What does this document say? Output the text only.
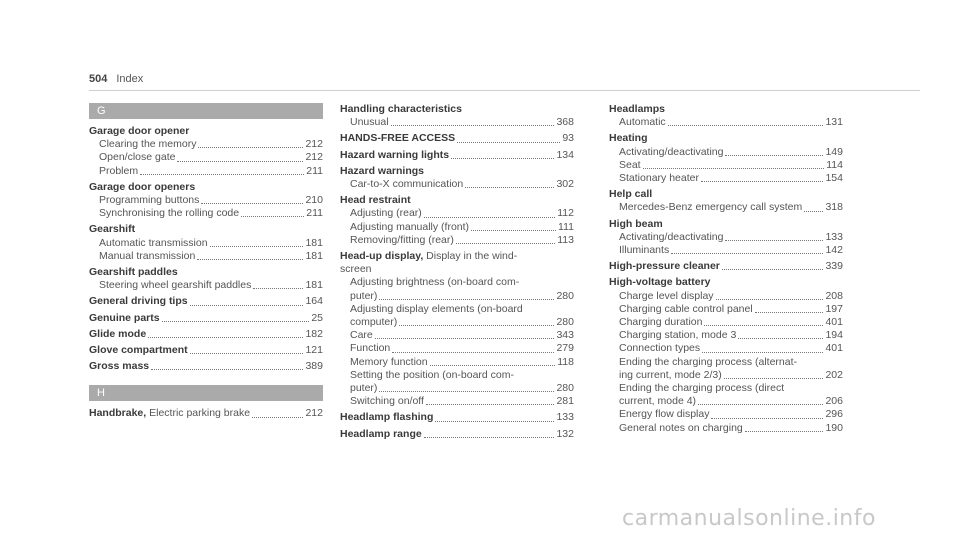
504 Index
G
Garage door opener
Clearing the memory	212
Open/close gate	212
Problem	211
Garage door openers
Programming buttons	210
Synchronising the rolling code	211
Gearshift
Automatic transmission	181
Manual transmission	181
Gearshift paddles
Steering wheel gearshift paddles	181
General driving tips	164
Genuine parts	25
Glide mode	182
Glove compartment	121
Gross mass	389
H
Handbrake, Electric parking brake	212
Handling characteristics
Unusual	368
HANDS-FREE ACCESS	93
Hazard warning lights	134
Hazard warnings
Car-to-X communication	302
Head restraint
Adjusting (rear)	112
Adjusting manually (front)	111
Removing/fitting (rear)	113
Head-up display, Display in the wind-
screen
Adjusting brightness (on-board com-
puter)	280
Adjusting display elements (on-board
computer)	280
Care	343
Function	279
Memory function	118
Setting the position (on-board com-
puter)	280
Switching on/off	281
Headlamp flashing	133
Headlamp range	132
Headlamps
Automatic	131
Heating
Activating/deactivating	149
Seat	114
Stationary heater	154
Help call
Mercedes-Benz emergency call system 318
High beam
Activating/deactivating	133
Illuminants	142
High-pressure cleaner	339
High-voltage battery
Charge level display	208
Charging cable control panel	197
Charging duration	401
Charging station, mode 3	194
Connection types	401
Ending the charging process (alternat-
ing current, mode 2/3)	202
Ending the charging process (direct
current, mode 4)	206
Energy flow display	296
General notes on charging	190
carmanualsonline.info
